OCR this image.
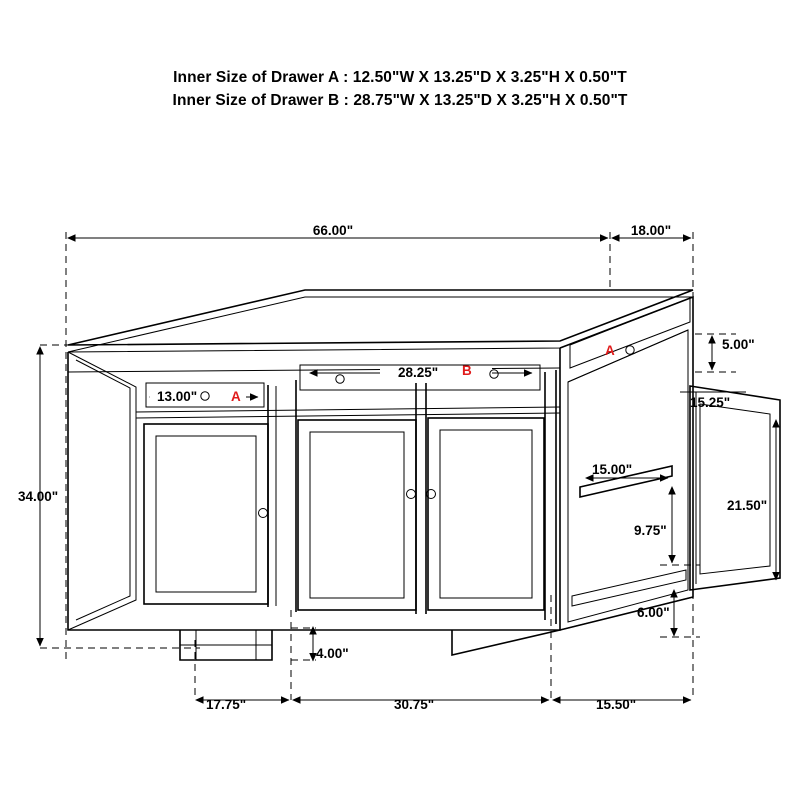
Inner Size of Drawer A : 12.50"W X 13.25"D X 3.25"H X 0.50"T
Inner Size of Drawer B : 28.75"W X 13.25"D X 3.25"H X 0.50"T
66.00"	18.00"
5.00"
13.00"
28.25"
A
B
A
15.25"
15.00"
21.50"
34.00"
9.75"
6.00"
4.00"
17.75"	30.75"	15.50"
